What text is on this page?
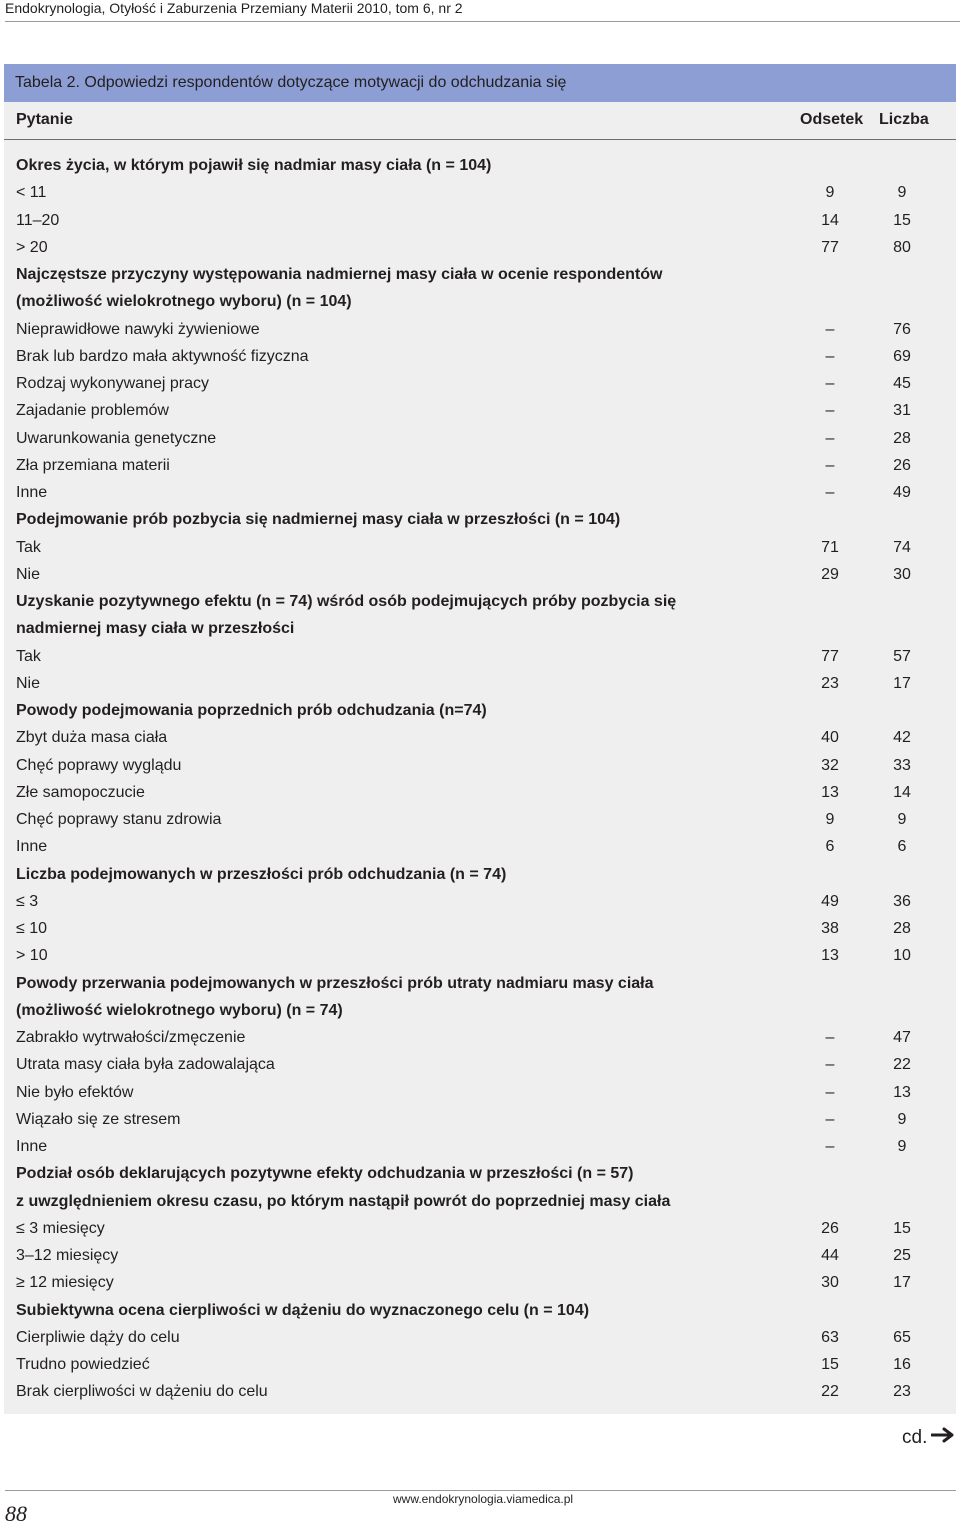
Endokrynologia, Otyłość i Zaburzenia Przemiany Materii 2010, tom 6, nr 2
Tabela 2. Odpowiedzi respondentów dotyczące motywacji do odchudzania się
Pytanie	Odsetek Liczba
Okres życia, w którym pojawił się nadmiar masy ciała (n = 104)
< 11	9	9
11–20	14	15
> 20	77	80
Najczęstsze przyczyny występowania nadmiernej masy ciała w ocenie respondentów
(możliwość wielokrotnego wyboru) (n = 104)
Nieprawidłowe nawyki żywieniowe	–	76
Brak lub bardzo mała aktywność fizyczna	–	69
Rodzaj wykonywanej pracy	–	45
Zajadanie problemów	–	31
Uwarunkowania genetyczne	–	28
Zła przemiana materii	–	26
Inne	–	49
Podejmowanie prób pozbycia się nadmiernej masy ciała w przeszłości (n = 104)
Tak	71	74
Nie	29	30
Uzyskanie pozytywnego efektu (n = 74) wśród osób podejmujących próby pozbycia się
nadmiernej masy ciała w przeszłości
Tak	77	57
Nie	23	17
Powody podejmowania poprzednich prób odchudzania (n=74)
Zbyt duża masa ciała	40	42
Chęć poprawy wyglądu	32	33
Złe samopoczucie	13	14
Chęć poprawy stanu zdrowia	9	9
Inne	6	6
Liczba podejmowanych w przeszłości prób odchudzania (n = 74)
≤ 3	49	36
≤ 10	38	28
> 10	13	10
Powody przerwania podejmowanych w przeszłości prób utraty nadmiaru masy ciała
(możliwość wielokrotnego wyboru) (n = 74)
Zabrakło wytrwałości/zmęczenie	–	47
Utrata masy ciała była zadowalająca	–	22
Nie było efektów	–	13
Wiązało się ze stresem	–	9
Inne	–	9
Podział osób deklarujących pozytywne efekty odchudzania w przeszłości (n = 57)
z uwzględnieniem okresu czasu, po którym nastąpił powrót do poprzedniej masy ciała
≤ 3 miesięcy	26	15
3–12 miesięcy	44	25
≥ 12 miesięcy	30	17
Subiektywna ocena cierpliwości w dążeniu do wyznaczonego celu (n = 104)
Cierpliwie dąży do celu	63	65
Trudno powiedzieć	15	16
Brak cierpliwości w dążeniu do celu	22	23
cd.
88
www.endokrynologia.viamedica.pl
